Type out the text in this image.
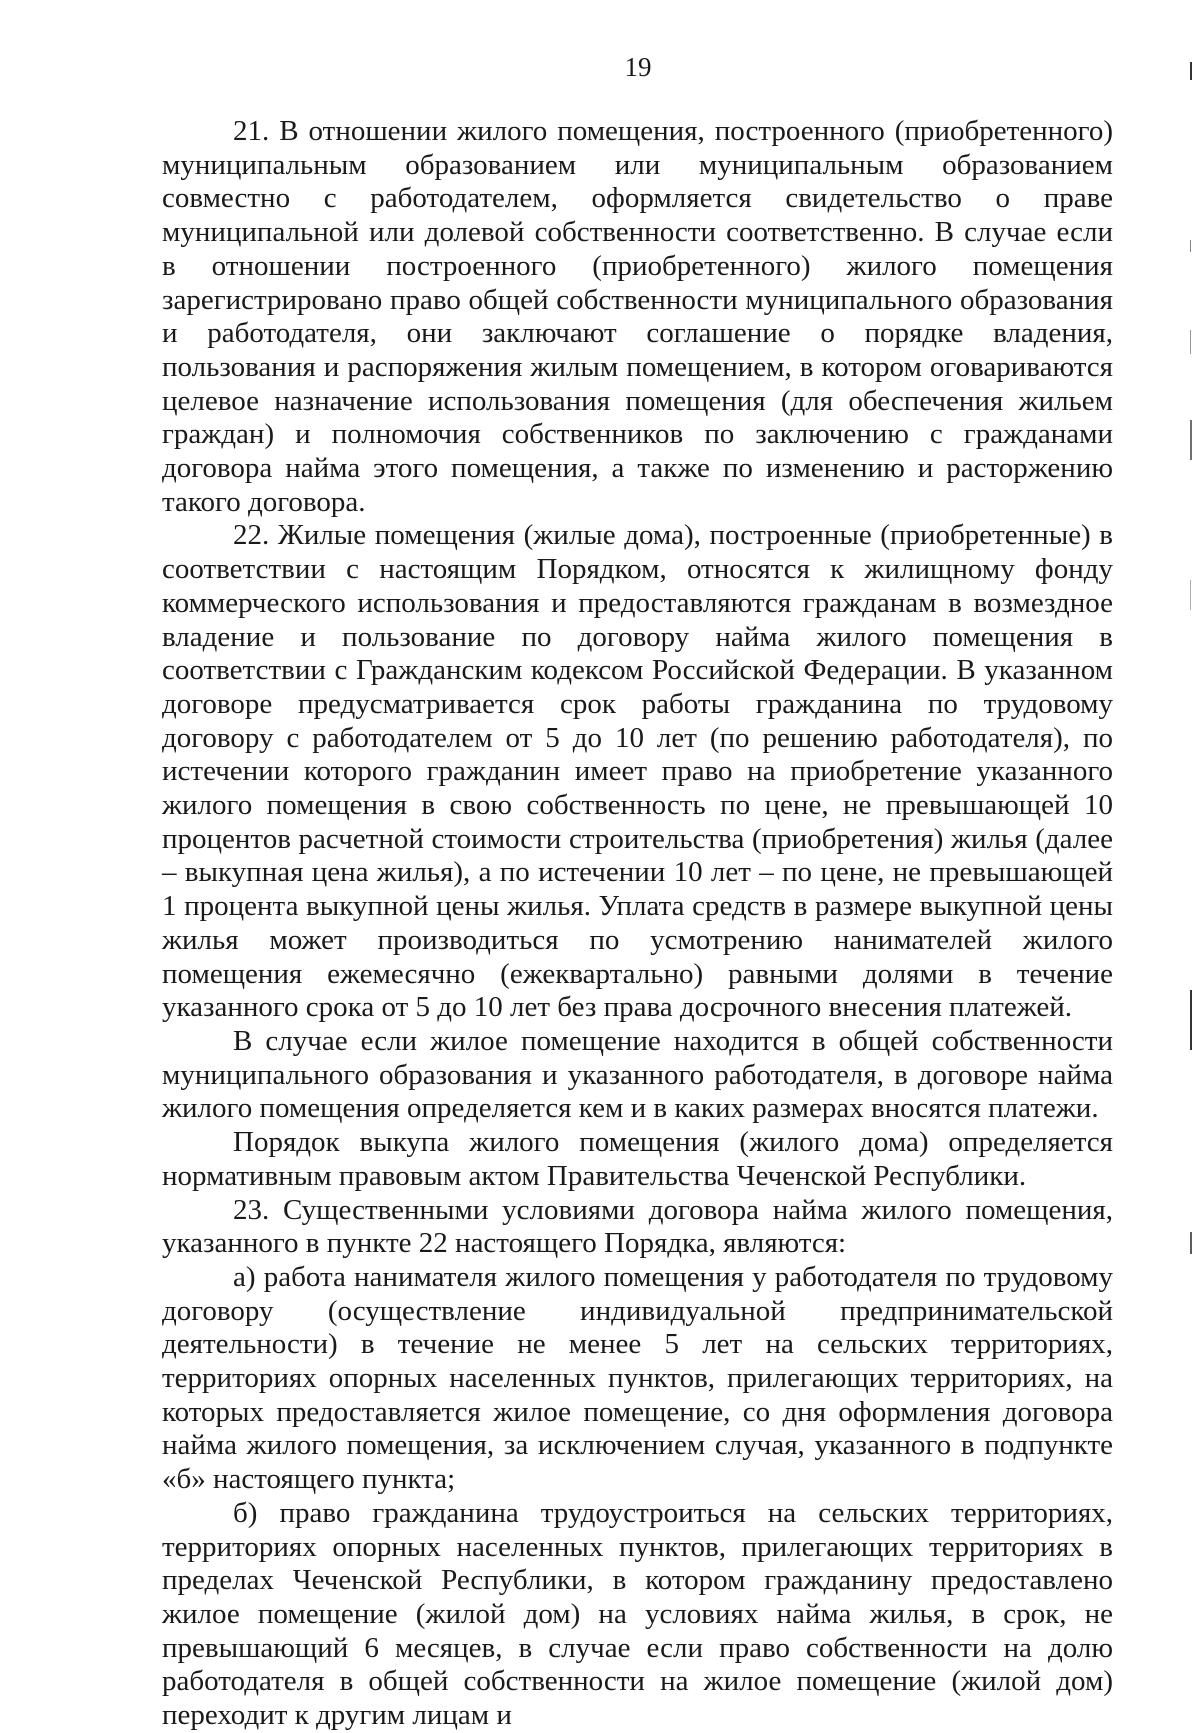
19

21. В отношении жилого помещения, построенного (приобретенного) муниципальным образованием или муниципальным образованием совместно с работодателем, оформляется свидетельство о праве муниципальной или долевой собственности соответственно. В случае если в отношении построенного (приобретенного) жилого помещения зарегистрировано право общей собственности муниципального образования и работодателя, они заключают соглашение о порядке владения, пользования и распоряжения жилым помещением, в котором оговариваются целевое назначение использования помещения (для обеспечения жильем граждан) и полномочия собственников по заключению с гражданами договора найма этого помещения, а также по изменению и расторжению такого договора.

22. Жилые помещения (жилые дома), построенные (приобретенные) в соответствии с настоящим Порядком, относятся к жилищному фонду коммерческого использования и предоставляются гражданам в возмездное владение и пользование по договору найма жилого помещения в соответствии с Гражданским кодексом Российской Федерации. В указанном договоре предусматривается срок работы гражданина по трудовому договору с работодателем от 5 до 10 лет (по решению работодателя), по истечении которого гражданин имеет право на приобретение указанного жилого помещения в свою собственность по цене, не превышающей 10 процентов расчетной стоимости строительства (приобретения) жилья (далее – выкупная цена жилья), а по истечении 10 лет – по цене, не превышающей 1 процента выкупной цены жилья. Уплата средств в размере выкупной цены жилья может производиться по усмотрению нанимателей жилого помещения ежемесячно (ежеквартально) равными долями в течение указанного срока от 5 до 10 лет без права досрочного внесения платежей.

В случае если жилое помещение находится в общей собственности муниципального образования и указанного работодателя, в договоре найма жилого помещения определяется кем и в каких размерах вносятся платежи.

Порядок выкупа жилого помещения (жилого дома) определяется нормативным правовым актом Правительства Чеченской Республики.

23. Существенными условиями договора найма жилого помещения, указанного в пункте 22 настоящего Порядка, являются:

а) работа нанимателя жилого помещения у работодателя по трудовому договору (осуществление индивидуальной предпринимательской деятельности) в течение не менее 5 лет на сельских территориях, территориях опорных населенных пунктов, прилегающих территориях, на которых предоставляется жилое помещение, со дня оформления договора найма жилого помещения, за исключением случая, указанного в подпункте «б» настоящего пункта;

б) право гражданина трудоустроиться на сельских территориях, территориях опорных населенных пунктов, прилегающих территориях в пределах Чеченской Республики, в котором гражданину предоставлено жилое помещение (жилой дом) на условиях найма жилья, в срок, не превышающий 6 месяцев, в случае если право собственности на долю работодателя в общей собственности на жилое помещение (жилой дом) переходит к другим лицам и
